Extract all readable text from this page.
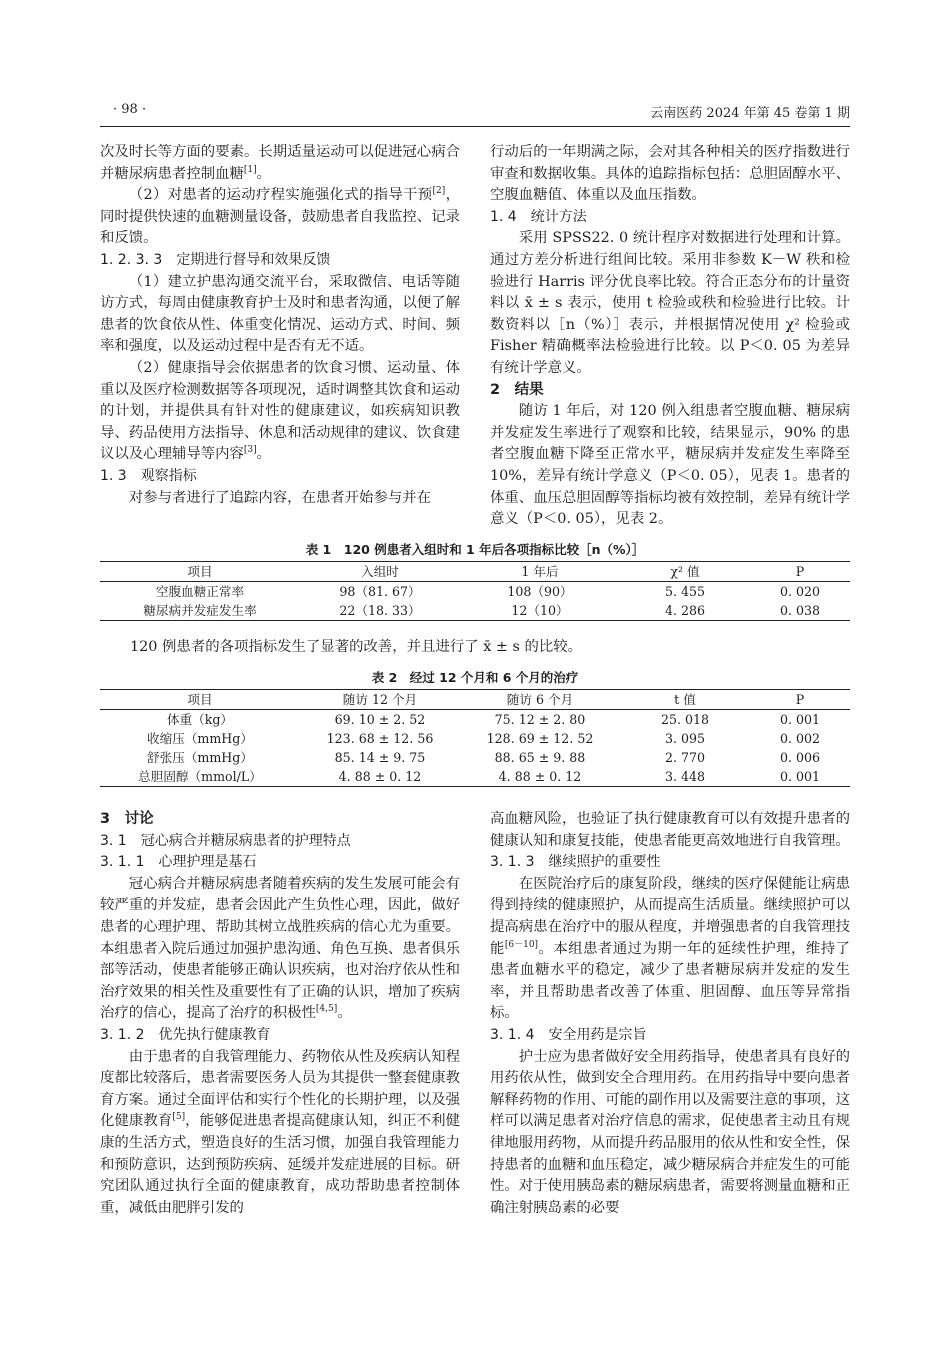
· 98 ·	云南医药 2024 年第 45 卷第 1 期

次及时长等方面的要素。长期适量运动可以促进冠心病合并糖尿病患者控制血糖[1]。

（2）对患者的运动疗程实施强化式的指导干预[2]，同时提供快速的血糖测量设备，鼓励患者自我监控、记录和反馈。

1. 2. 3. 3　定期进行督导和效果反馈

（1）建立护患沟通交流平台，采取微信、电话等随访方式，每周由健康教育护士及时和患者沟通，以便了解患者的饮食依从性、体重变化情况、运动方式、时间、频率和强度，以及运动过程中是否有无不适。

（2）健康指导会依据患者的饮食习惯、运动量、体重以及医疗检测数据等各项现况，适时调整其饮食和运动的计划，并提供具有针对性的健康建议，如疾病知识教导、药品使用方法指导、休息和活动规律的建议、饮食建议以及心理辅导等内容[3]。

1. 3　观察指标

对参与者进行了追踪内容，在患者开始参与并在

行动后的一年期满之际，会对其各种相关的医疗指数进行审查和数据收集。具体的追踪指标包括：总胆固醇水平、空腹血糖值、体重以及血压指数。

1. 4　统计方法

采用 SPSS22. 0 统计程序对数据进行处理和计算。通过方差分析进行组间比较。采用非参数 K－W 秩和检验进行 Harris 评分优良率比较。符合正态分布的计量资料以 x̄ ± s 表示，使用 t 检验或秩和检验进行比较。计数资料以［n（%）］表示，并根据情况使用 χ² 检验或 Fisher 精确概率法检验进行比较。以 P＜0. 05 为差异有统计学意义。

2　结果

随访 1 年后，对 120 例入组患者空腹血糖、糖尿病并发症发生率进行了观察和比较，结果显示，90% 的患者空腹血糖下降至正常水平，糖尿病并发症发生率降至 10%，差异有统计学意义（P＜0. 05），见表 1。患者的体重、血压总胆固醇等指标均被有效控制，差异有统计学意义（P＜0. 05），见表 2。

表 1　120 例患者入组时和 1 年后各项指标比较［n（%）］
项目	入组时	1 年后	χ² 值	P
空腹血糖正常率	98（81. 67）	108（90）	5. 455	0. 020
糖尿病并发症发生率	22（18. 33）	12（10）	4. 286	0. 038
120 例患者的各项指标发生了显著的改善，并且进行了 x̄ ± s 的比较。
表 2　经过 12 个月和 6 个月的治疗
项目	随访 12 个月	随访 6 个月	t 值	P
体重（kg）	69. 10 ± 2. 52	75. 12 ± 2. 80	25. 018	0. 001
收缩压（mmHg）	123. 68 ± 12. 56	128. 69 ± 12. 52	3. 095	0. 002
舒张压（mmHg）	85. 14 ± 9. 75	88. 65 ± 9. 88	2. 770	0. 006
总胆固醇（mmol/L）	4. 88 ± 0. 12	4. 88 ± 0. 12	3. 448	0. 001

3　讨论

3. 1　冠心病合并糖尿病患者的护理特点

3. 1. 1　心理护理是基石

冠心病合并糖尿病患者随着疾病的发生发展可能会有较严重的并发症，患者会因此产生负性心理，因此，做好患者的心理护理、帮助其树立战胜疾病的信心尤为重要。本组患者入院后通过加强护患沟通、角色互换、患者俱乐部等活动，使患者能够正确认识疾病，也对治疗依从性和治疗效果的相关性及重要性有了正确的认识，增加了疾病治疗的信心，提高了治疗的积极性[4,5]。

3. 1. 2　优先执行健康教育

由于患者的自我管理能力、药物依从性及疾病认知程度都比较落后，患者需要医务人员为其提供一整套健康教育方案。通过全面评估和实行个性化的长期护理，以及强化健康教育[5]，能够促进患者提高健康认知，纠正不利健康的生活方式，塑造良好的生活习惯，加强自我管理能力和预防意识，达到预防疾病、延缓并发症进展的目标。研究团队通过执行全面的健康教育，成功帮助患者控制体重，减低由肥胖引发的

高血糖风险，也验证了执行健康教育可以有效提升患者的健康认知和康复技能，使患者能更高效地进行自我管理。

3. 1. 3　继续照护的重要性

在医院治疗后的康复阶段，继续的医疗保健能让病患得到持续的健康照护，从而提高生活质量。继续照护可以提高病患在治疗中的服从程度，并增强患者的自我管理技能[6－10]。本组患者通过为期一年的延续性护理，维持了患者血糖水平的稳定，减少了患者糖尿病并发症的发生率，并且帮助患者改善了体重、胆固醇、血压等异常指标。

3. 1. 4　安全用药是宗旨

护士应为患者做好安全用药指导，使患者具有良好的用药依从性，做到安全合理用药。在用药指导中要向患者解释药物的作用、可能的副作用以及需要注意的事项，这样可以满足患者对治疗信息的需求，促使患者主动且有规律地服用药物，从而提升药品服用的依从性和安全性，保持患者的血糖和血压稳定，减少糖尿病合并症发生的可能性。对于使用胰岛素的糖尿病患者，需要将测量血糖和正确注射胰岛素的必要
